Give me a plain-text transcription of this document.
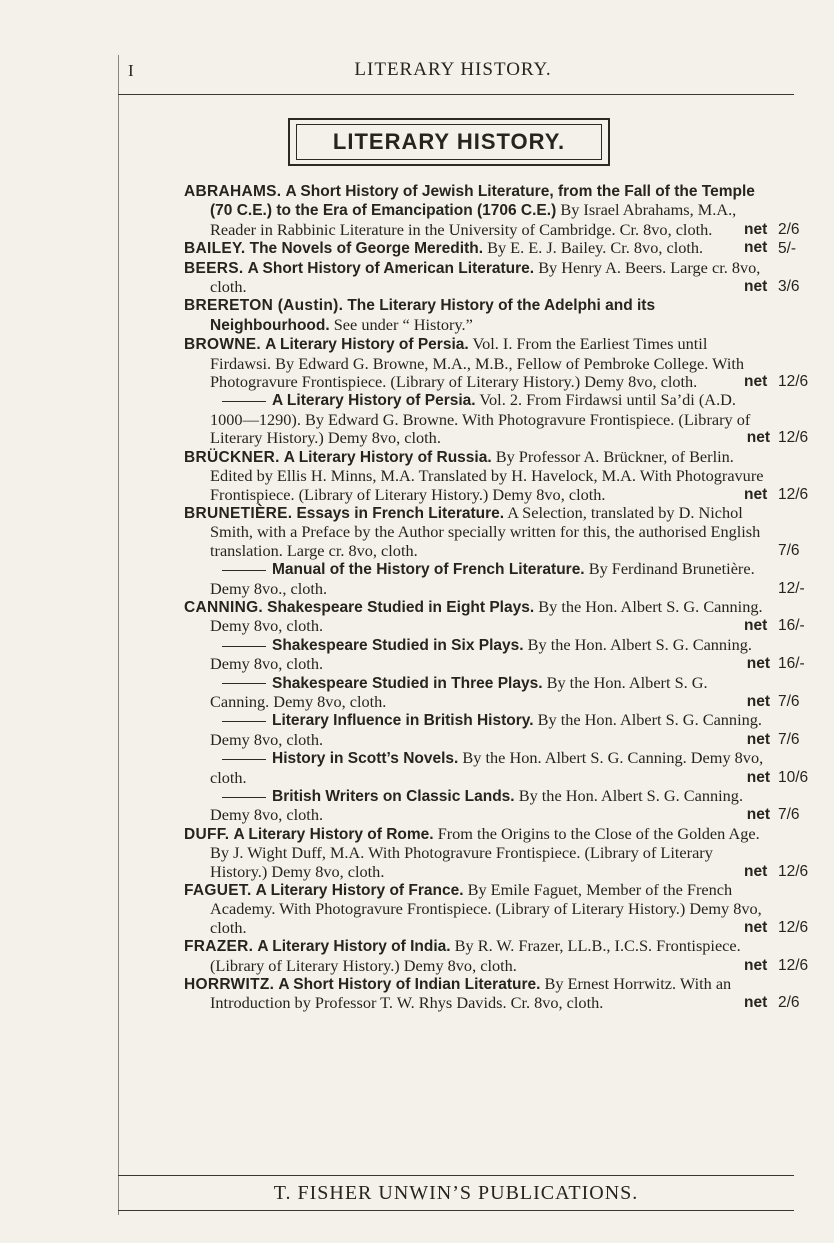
I	LITERARY HISTORY.
LITERARY HISTORY.
ABRAHAMS. A Short History of Jewish Literature, from the Fall of the Temple (70 C.E.) to the Era of Emancipation (1706 C.E.) By Israel Abrahams, M.A., Reader in Rabbinic Literature in the University of Cambridge. Cr. 8vo, cloth. net 2/6
BAILEY. The Novels of George Meredith. By E. E. J. Bailey. Cr. 8vo, cloth.	net 5/-
BEERS. A Short History of American Literature. By Henry A. Beers. Large cr. 8vo, cloth.	net 3/6
BRERETON (Austin). The Literary History of the Adelphi and its Neighbourhood. See under “ History.”
BROWNE. A Literary History of Persia. Vol. I. From the Earliest Times until Firdawsi. By Edward G. Browne, M.A., M.B., Fellow of Pembroke College. With Photogravure Frontispiece. (Library of Literary History.) Demy 8vo, cloth.	net 12/6
A Literary History of Persia. Vol. 2. From Firdawsi until Sa’di (A.D. 1000—1290). By Edward G. Browne. With Photogravure Frontispiece. (Library of Literary History.) Demy 8vo, cloth.	net 12/6
BRÜCKNER. A Literary History of Russia. By Professor A. Brückner, of Berlin. Edited by Ellis H. Minns, M.A. Translated by H. Havelock, M.A. With Photogravure Frontispiece. (Library of Literary History.) Demy 8vo, cloth.	net 12/6
BRUNETIÈRE. Essays in French Literature. A Selection, translated by D. Nichol Smith, with a Preface by the Author specially written for this, the authorised English translation. Large cr. 8vo, cloth.	7/6
Manual of the History of French Literature. By Ferdinand Brunetière. Demy 8vo., cloth.	12/-
CANNING. Shakespeare Studied in Eight Plays. By the Hon. Albert S. G. Canning. Demy 8vo, cloth.	net 16/-
Shakespeare Studied in Six Plays. By the Hon. Albert S. G. Canning. Demy 8vo, cloth.	net 16/-
Shakespeare Studied in Three Plays. By the Hon. Albert S. G. Canning. Demy 8vo, cloth.	net 7/6
Literary Influence in British History. By the Hon. Albert S. G. Canning. Demy 8vo, cloth.	net 7/6
History in Scott’s Novels. By the Hon. Albert S. G. Canning. Demy 8vo, cloth.	net 10/6
British Writers on Classic Lands. By the Hon. Albert S. G. Canning. Demy 8vo, cloth.	net 7/6
DUFF. A Literary History of Rome. From the Origins to the Close of the Golden Age. By J. Wight Duff, M.A. With Photogravure Frontispiece. (Library of Literary History.) Demy 8vo, cloth.	net 12/6
FAGUET. A Literary History of France. By Emile Faguet, Member of the French Academy. With Photogravure Frontispiece. (Library of Literary History.) Demy 8vo, cloth.	net 12/6
FRAZER. A Literary History of India. By R. W. Frazer, LL.B., I.C.S. Frontispiece. (Library of Literary History.) Demy 8vo, cloth.	net 12/6
HORRWITZ. A Short History of Indian Literature. By Ernest Horrwitz. With an Introduction by Professor T. W. Rhys Davids. Cr. 8vo, cloth.	net 2/6
T. FISHER UNWIN’S PUBLICATIONS.
